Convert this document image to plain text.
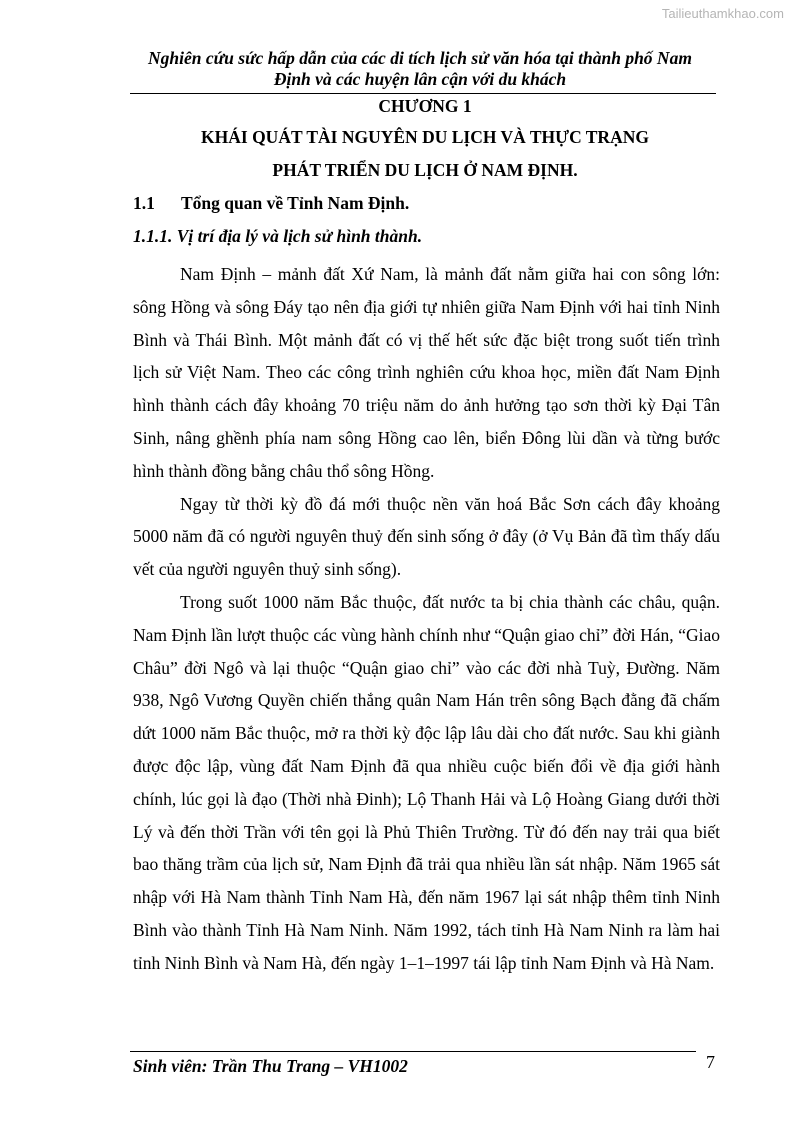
Tailieuthamkhao.com
Nghiên cứu sức hấp dẫn của các di tích lịch sử văn hóa tại thành phố Nam
Định và các huyện lân cận với du khách
CHƯƠNG 1
KHÁI QUÁT TÀI NGUYÊN DU LỊCH VÀ THỰC TRẠNG
PHÁT TRIỂN DU LỊCH Ở NAM ĐỊNH.
1.1 Tổng quan về Tỉnh Nam Định.
1.1.1. Vị trí địa lý và lịch sử hình thành.

Nam Định – mảnh đất Xứ Nam, là mảnh đất nằm giữa hai con sông lớn: sông Hồng và sông Đáy tạo nên địa giới tự nhiên giữa Nam Định với hai tỉnh Ninh Bình và Thái Bình. Một mảnh đất có vị thế hết sức đặc biệt trong suốt tiến trình lịch sử Việt Nam. Theo các công trình nghiên cứu khoa học, miền đất Nam Định hình thành cách đây khoảng 70 triệu năm do ảnh hưởng tạo sơn thời kỳ Đại Tân Sinh, nâng ghềnh phía nam sông Hồng cao lên, biển Đông lùi dần và từng bước hình thành đồng bằng châu thổ sông Hồng.

Ngay từ thời kỳ đồ đá mới thuộc nền văn hoá Bắc Sơn cách đây khoảng 5000 năm đã có người nguyên thuỷ đến sinh sống ở đây (ở Vụ Bản đã tìm thấy dấu vết của người nguyên thuỷ sinh sống).

Trong suốt 1000 năm Bắc thuộc, đất nước ta bị chia thành các châu, quận. Nam Định lần lượt thuộc các vùng hành chính như “Quận giao chỉ” đời Hán, “Giao Châu” đời Ngô và lại thuộc “Quận giao chỉ” vào các đời nhà Tuỳ, Đường. Năm 938, Ngô Vương Quyền chiến thắng quân Nam Hán trên sông Bạch đằng đã chấm dứt 1000 năm Bắc thuộc, mở ra thời kỳ độc lập lâu dài cho đất nước. Sau khi giành được độc lập, vùng đất Nam Định đã qua nhiều cuộc biến đổi về địa giới hành chính, lúc gọi là đạo (Thời nhà Đinh); Lộ Thanh Hải và Lộ Hoàng Giang dưới thời Lý và đến thời Trần với tên gọi là Phủ Thiên Trường. Từ đó đến nay trải qua biết bao thăng trầm của lịch sử, Nam Định đã trải qua nhiều lần sát nhập. Năm 1965 sát nhập với Hà Nam thành Tỉnh Nam Hà, đến năm 1967 lại sát nhập thêm tỉnh Ninh Bình vào thành Tỉnh Hà Nam Ninh. Năm 1992, tách tỉnh Hà Nam Ninh ra làm hai tỉnh Ninh Bình và Nam Hà, đến ngày 1–1–1997 tái lập tỉnh Nam Định và Hà Nam.

Sinh viên: Trần Thu Trang – VH1002	7
